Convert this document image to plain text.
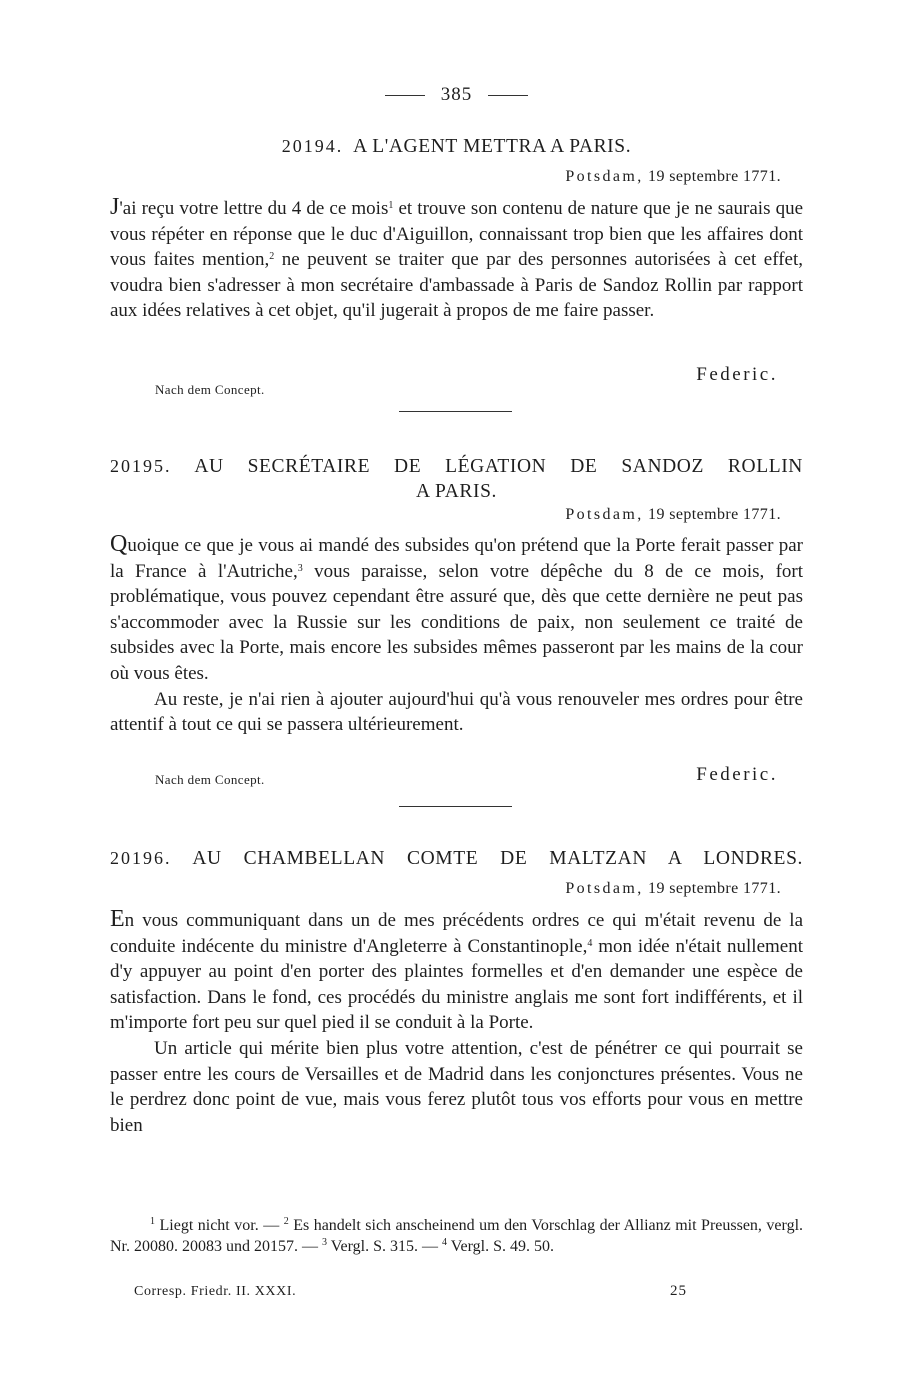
385
20194. A L'AGENT METTRA A PARIS.
Potsdam, 19 septembre 1771.

J'ai reçu votre lettre du 4 de ce mois$^1$ et trouve son contenu de nature que je ne saurais que vous répéter en réponse que le duc d'Aiguillon, connaissant trop bien que les affaires dont vous faites mention,$^2$ ne peuvent se traiter que par des personnes autorisées à cet effet, voudra bien s'adresser à mon secrétaire d'ambassade à Paris de Sandoz Rollin par rapport aux idées relatives à cet objet, qu'il jugerait à propos de me faire passer.

Federic.
Nach dem Concept.
20195. AU SECRÉTAIRE DE LÉGATION DE SANDOZ ROLLIN
A PARIS.
Potsdam, 19 septembre 1771.

Quoique ce que je vous ai mandé des subsides qu'on prétend que la Porte ferait passer par la France à l'Autriche,$^3$ vous paraisse, selon votre dépêche du 8 de ce mois, fort problématique, vous pouvez cependant être assuré que, dès que cette dernière ne peut pas s'accommoder avec la Russie sur les conditions de paix, non seulement ce traité de subsides avec la Porte, mais encore les subsides mêmes passeront par les mains de la cour où vous êtes.

Au reste, je n'ai rien à ajouter aujourd'hui qu'à vous renouveler mes ordres pour être attentif à tout ce qui se passera ultérieurement.

Nach dem Concept.	Federic.
20196. AU CHAMBELLAN COMTE DE MALTZAN A LONDRES.
Potsdam, 19 septembre 1771.

En vous communiquant dans un de mes précédents ordres ce qui m'était revenu de la conduite indécente du ministre d'Angleterre à Constantinople,$^4$ mon idée n'était nullement d'y appuyer au point d'en porter des plaintes formelles et d'en demander une espèce de satisfaction. Dans le fond, ces procédés du ministre anglais me sont fort indifférents, et il m'importe fort peu sur quel pied il se conduit à la Porte.

Un article qui mérite bien plus votre attention, c'est de pénétrer ce qui pourrait se passer entre les cours de Versailles et de Madrid dans les conjonctures présentes. Vous ne le perdrez donc point de vue, mais vous ferez plutôt tous vos efforts pour vous en mettre bien

$^1$ Liegt nicht vor. — $^2$ Es handelt sich anscheinend um den Vorschlag der Allianz mit Preussen, vergl. Nr. 20080. 20083 und 20157. — $^3$ Vergl. S. 315. — $^4$ Vergl. S. 49. 50.
Corresp. Friedr. II. XXXI.	25
